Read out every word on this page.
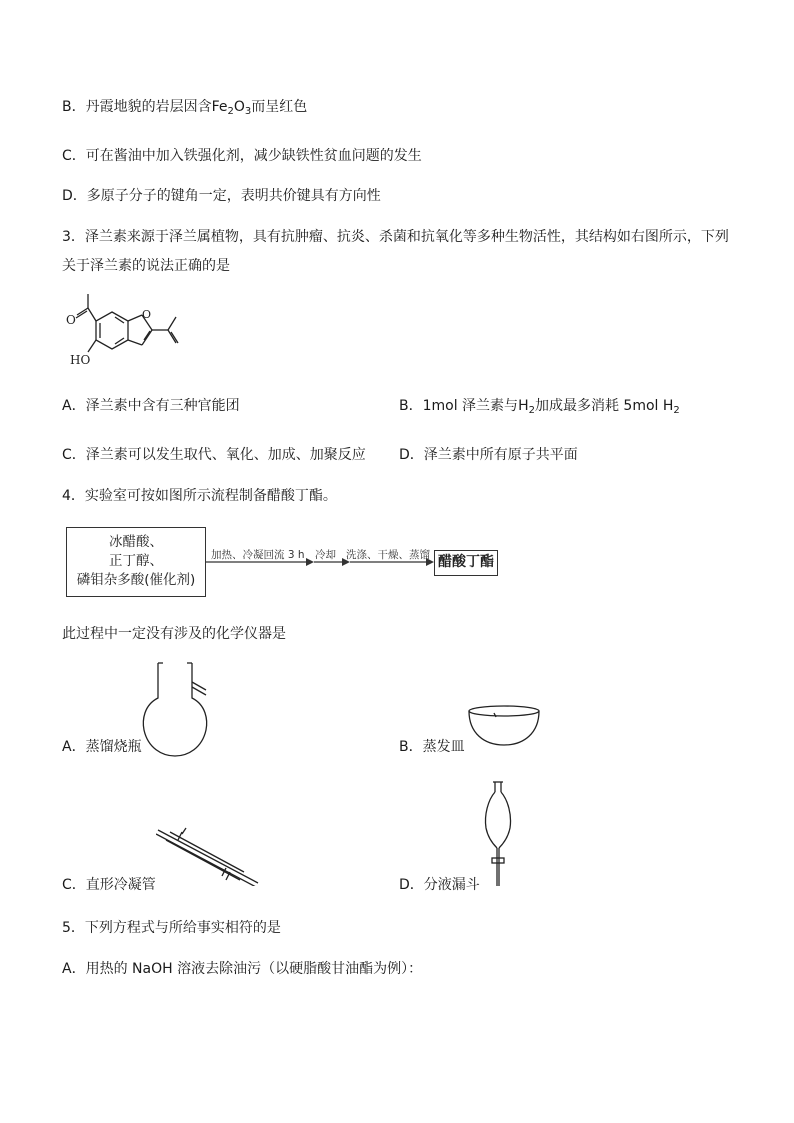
B．丹霞地貌的岩层因含$Fe_2O_3$而呈红色
C．可在酱油中加入铁强化剂，减少缺铁性贫血问题的发生
D．多原子分子的键角一定，表明共价键具有方向性
3．泽兰素来源于泽兰属植物，具有抗肿瘤、抗炎、杀菌和抗氧化等多种生物活性，其结构如右图所示，下列
关于泽兰素的说法正确的是
O	O
HO
A．泽兰素中含有三种官能团	B．1mol 泽兰素与$H_2$加成最多消耗 5mol $H_2$
C．泽兰素可以发生取代、氧化、加成、加聚反应 D．泽兰素中所有原子共平面
4．实验室可按如图所示流程制备醋酸丁酯。
冰醋酸、
正丁醇、
磷钼杂多酸(催化剂)
加热、冷凝回流 3 h 冷却 洗涤、干燥、蒸馏 醋酸丁酯
此过程中一定没有涉及的化学仪器是
A．蒸馏烧瓶	B．蒸发皿
C．直形冷凝管	D．分液漏斗
5．下列方程式与所给事实相符的是
A．用热的 NaOH 溶液去除油污（以硬脂酸甘油酯为例）：
